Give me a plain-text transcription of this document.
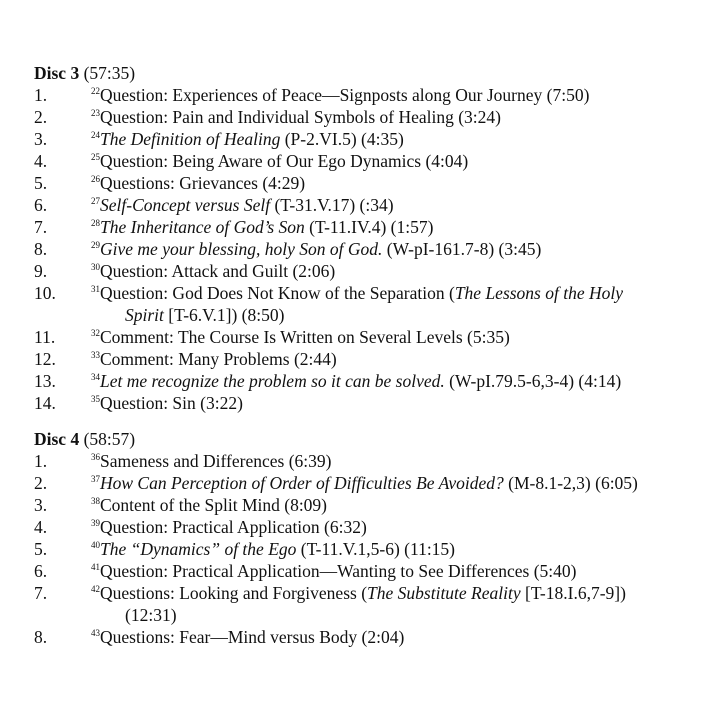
Disc 3 (57:35)
1.	$^{22}$Question: Experiences of Peace—Signposts along Our Journey (7:50)
2.	$^{23}$Question: Pain and Individual Symbols of Healing (3:24)
3.	$^{24}$The Definition of Healing (P-2.VI.5) (4:35)
4.	$^{25}$Question: Being Aware of Our Ego Dynamics (4:04)
5.	$^{26}$Questions: Grievances (4:29)
6.	$^{27}$Self-Concept versus Self (T-31.V.17) (:34)
7.	$^{28}$The Inheritance of God’s Son (T-11.IV.4) (1:57)
8.	$^{29}$Give me your blessing, holy Son of God. (W-pI-161.7-8) (3:45)
9.	$^{30}$Question: Attack and Guilt (2:06)
10.	$^{31}$Question: God Does Not Know of the Separation (The Lessons of the Holy
Spirit [T-6.V.1]) (8:50)
11.	$^{32}$Comment: The Course Is Written on Several Levels (5:35)
12.	$^{33}$Comment: Many Problems (2:44)
13.	$^{34}$Let me recognize the problem so it can be solved. (W-pI.79.5-6,3-4) (4:14)
14.	$^{35}$Question: Sin (3:22)
Disc 4 (58:57)
1.	$^{36}$Sameness and Differences (6:39)
2.	$^{37}$How Can Perception of Order of Difficulties Be Avoided? (M-8.1-2,3) (6:05)
3.	$^{38}$Content of the Split Mind (8:09)
4.	$^{39}$Question: Practical Application (6:32)
5.	$^{40}$The “Dynamics” of the Ego (T-11.V.1,5-6) (11:15)
6.	$^{41}$Question: Practical Application—Wanting to See Differences (5:40)
7.	$^{42}$Questions: Looking and Forgiveness (The Substitute Reality [T-18.I.6,7-9])
(12:31)
8.	$^{43}$Questions: Fear—Mind versus Body (2:04)
